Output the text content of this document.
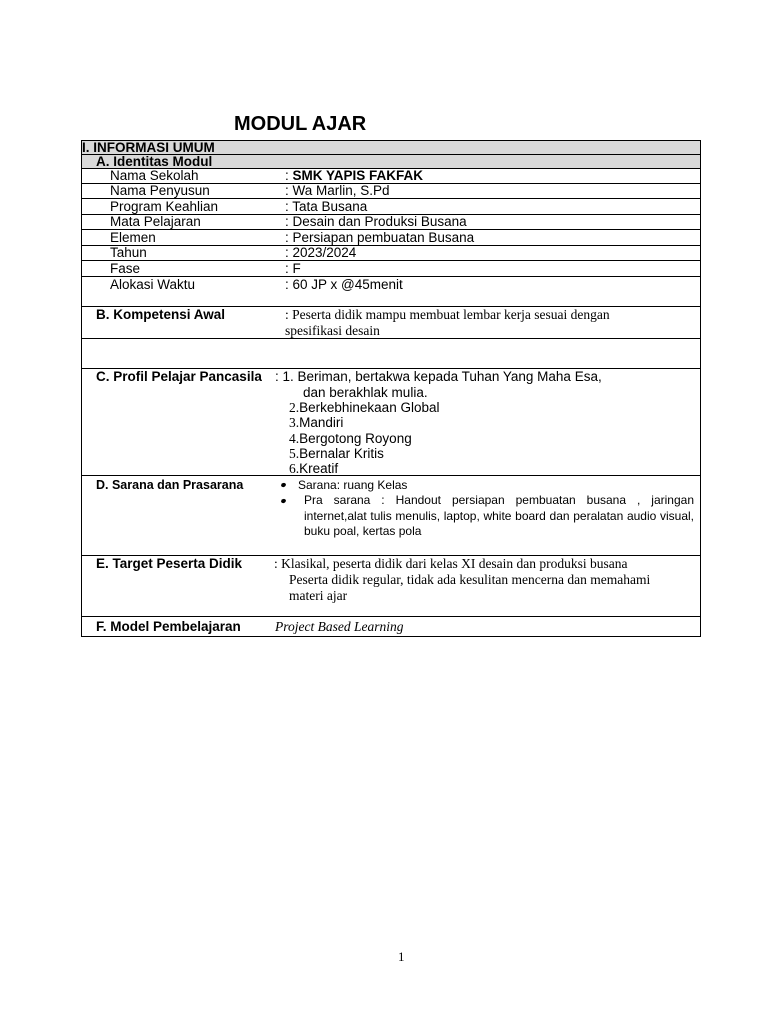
MODUL AJAR
I. INFORMASI UMUM
A. Identitas Modul
Nama Sekolah	: SMK YAPIS FAKFAK
Nama Penyusun	: Wa Marlin, S.Pd
Program Keahlian	: Tata Busana
Mata Pelajaran	: Desain dan Produksi Busana
Elemen	: Persiapan pembuatan Busana
Tahun	: 2023/2024
Fase	: F
Alokasi Waktu	: 60 JP x @45menit
B. Kompetensi Awal	: Peserta didik mampu membuat lembar kerja sesuai dengan
spesifikasi desain
C. Profil Pelajar Pancasila : 1. Beriman, bertakwa kepada Tuhan Yang Maha Esa,
dan berakhlak mulia.
2.Berkebhinekaan Global
3.Mandiri
4.Bergotong Royong
5.Bernalar Kritis
6.Kreatif
D. Sarana dan Prasarana	Sarana: ruang Kelas
Pra sarana : Handout persiapan pembuatan busana , jaringan internet,alat tulis menulis, laptop, white board dan peralatan audio visual, buku poal, kertas pola
E. Target Peserta Didik : Klasikal, peserta didik dari kelas XI desain dan produksi busana
Peserta didik regular, tidak ada kesulitan mencerna dan memahami
materi ajar
F. Model Pembelajaran	Project Based Learning
1
